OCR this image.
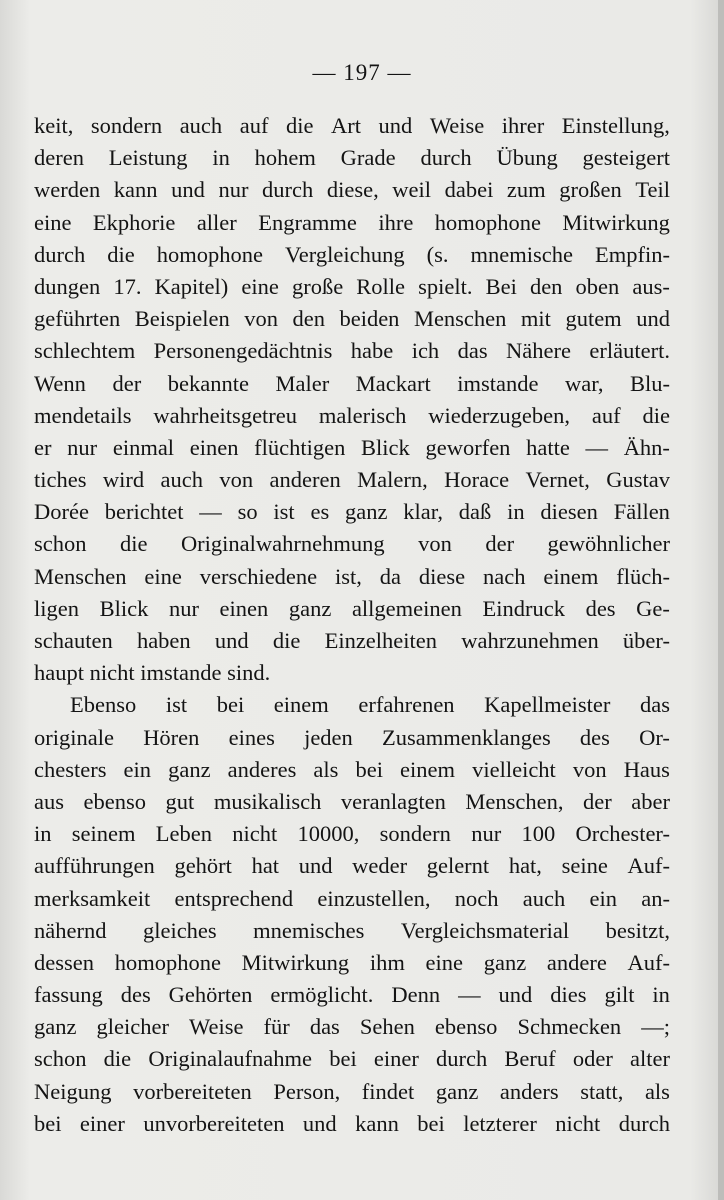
— 197 —
keit, sondern auch auf die Art und Weise ihrer Einstellung,
deren Leistung in hohem Grade durch Übung gesteigert
werden kann und nur durch diese, weil dabei zum großen Teil
eine Ekphorie aller Engramme ihre homophone Mitwirkung
durch die homophone Vergleichung (s. mnemische Empfin-
dungen 17. Kapitel) eine große Rolle spielt. Bei den oben aus-
geführten Beispielen von den beiden Menschen mit gutem und
schlechtem Personengedächtnis habe ich das Nähere erläutert.
Wenn der bekannte Maler Mackart imstande war, Blu-
mendetails wahrheitsgetreu malerisch wiederzugeben, auf die
er nur einmal einen flüchtigen Blick geworfen hatte — Ähn-
tiches wird auch von anderen Malern, Horace Vernet, Gustav
Dorée berichtet — so ist es ganz klar, daß in diesen Fällen
schon die Originalwahrnehmung von der gewöhnlicher
Menschen eine verschiedene ist, da diese nach einem flüch-
ligen Blick nur einen ganz allgemeinen Eindruck des Ge-
schauten haben und die Einzelheiten wahrzunehmen über-
haupt nicht imstande sind.
Ebenso ist bei einem erfahrenen Kapellmeister das
originale Hören eines jeden Zusammenklanges des Or-
chesters ein ganz anderes als bei einem vielleicht von Haus
aus ebenso gut musikalisch veranlagten Menschen, der aber
in seinem Leben nicht 10000, sondern nur 100 Orchester-
aufführungen gehört hat und weder gelernt hat, seine Auf-
merksamkeit entsprechend einzustellen, noch auch ein an-
nähernd gleiches mnemisches Vergleichsmaterial besitzt,
dessen homophone Mitwirkung ihm eine ganz andere Auf-
fassung des Gehörten ermöglicht. Denn — und dies gilt in
ganz gleicher Weise für das Sehen ebenso Schmecken —;
schon die Originalaufnahme bei einer durch Beruf oder alter
Neigung vorbereiteten Person, findet ganz anders statt, als
bei einer unvorbereiteten und kann bei letzterer nicht durch
